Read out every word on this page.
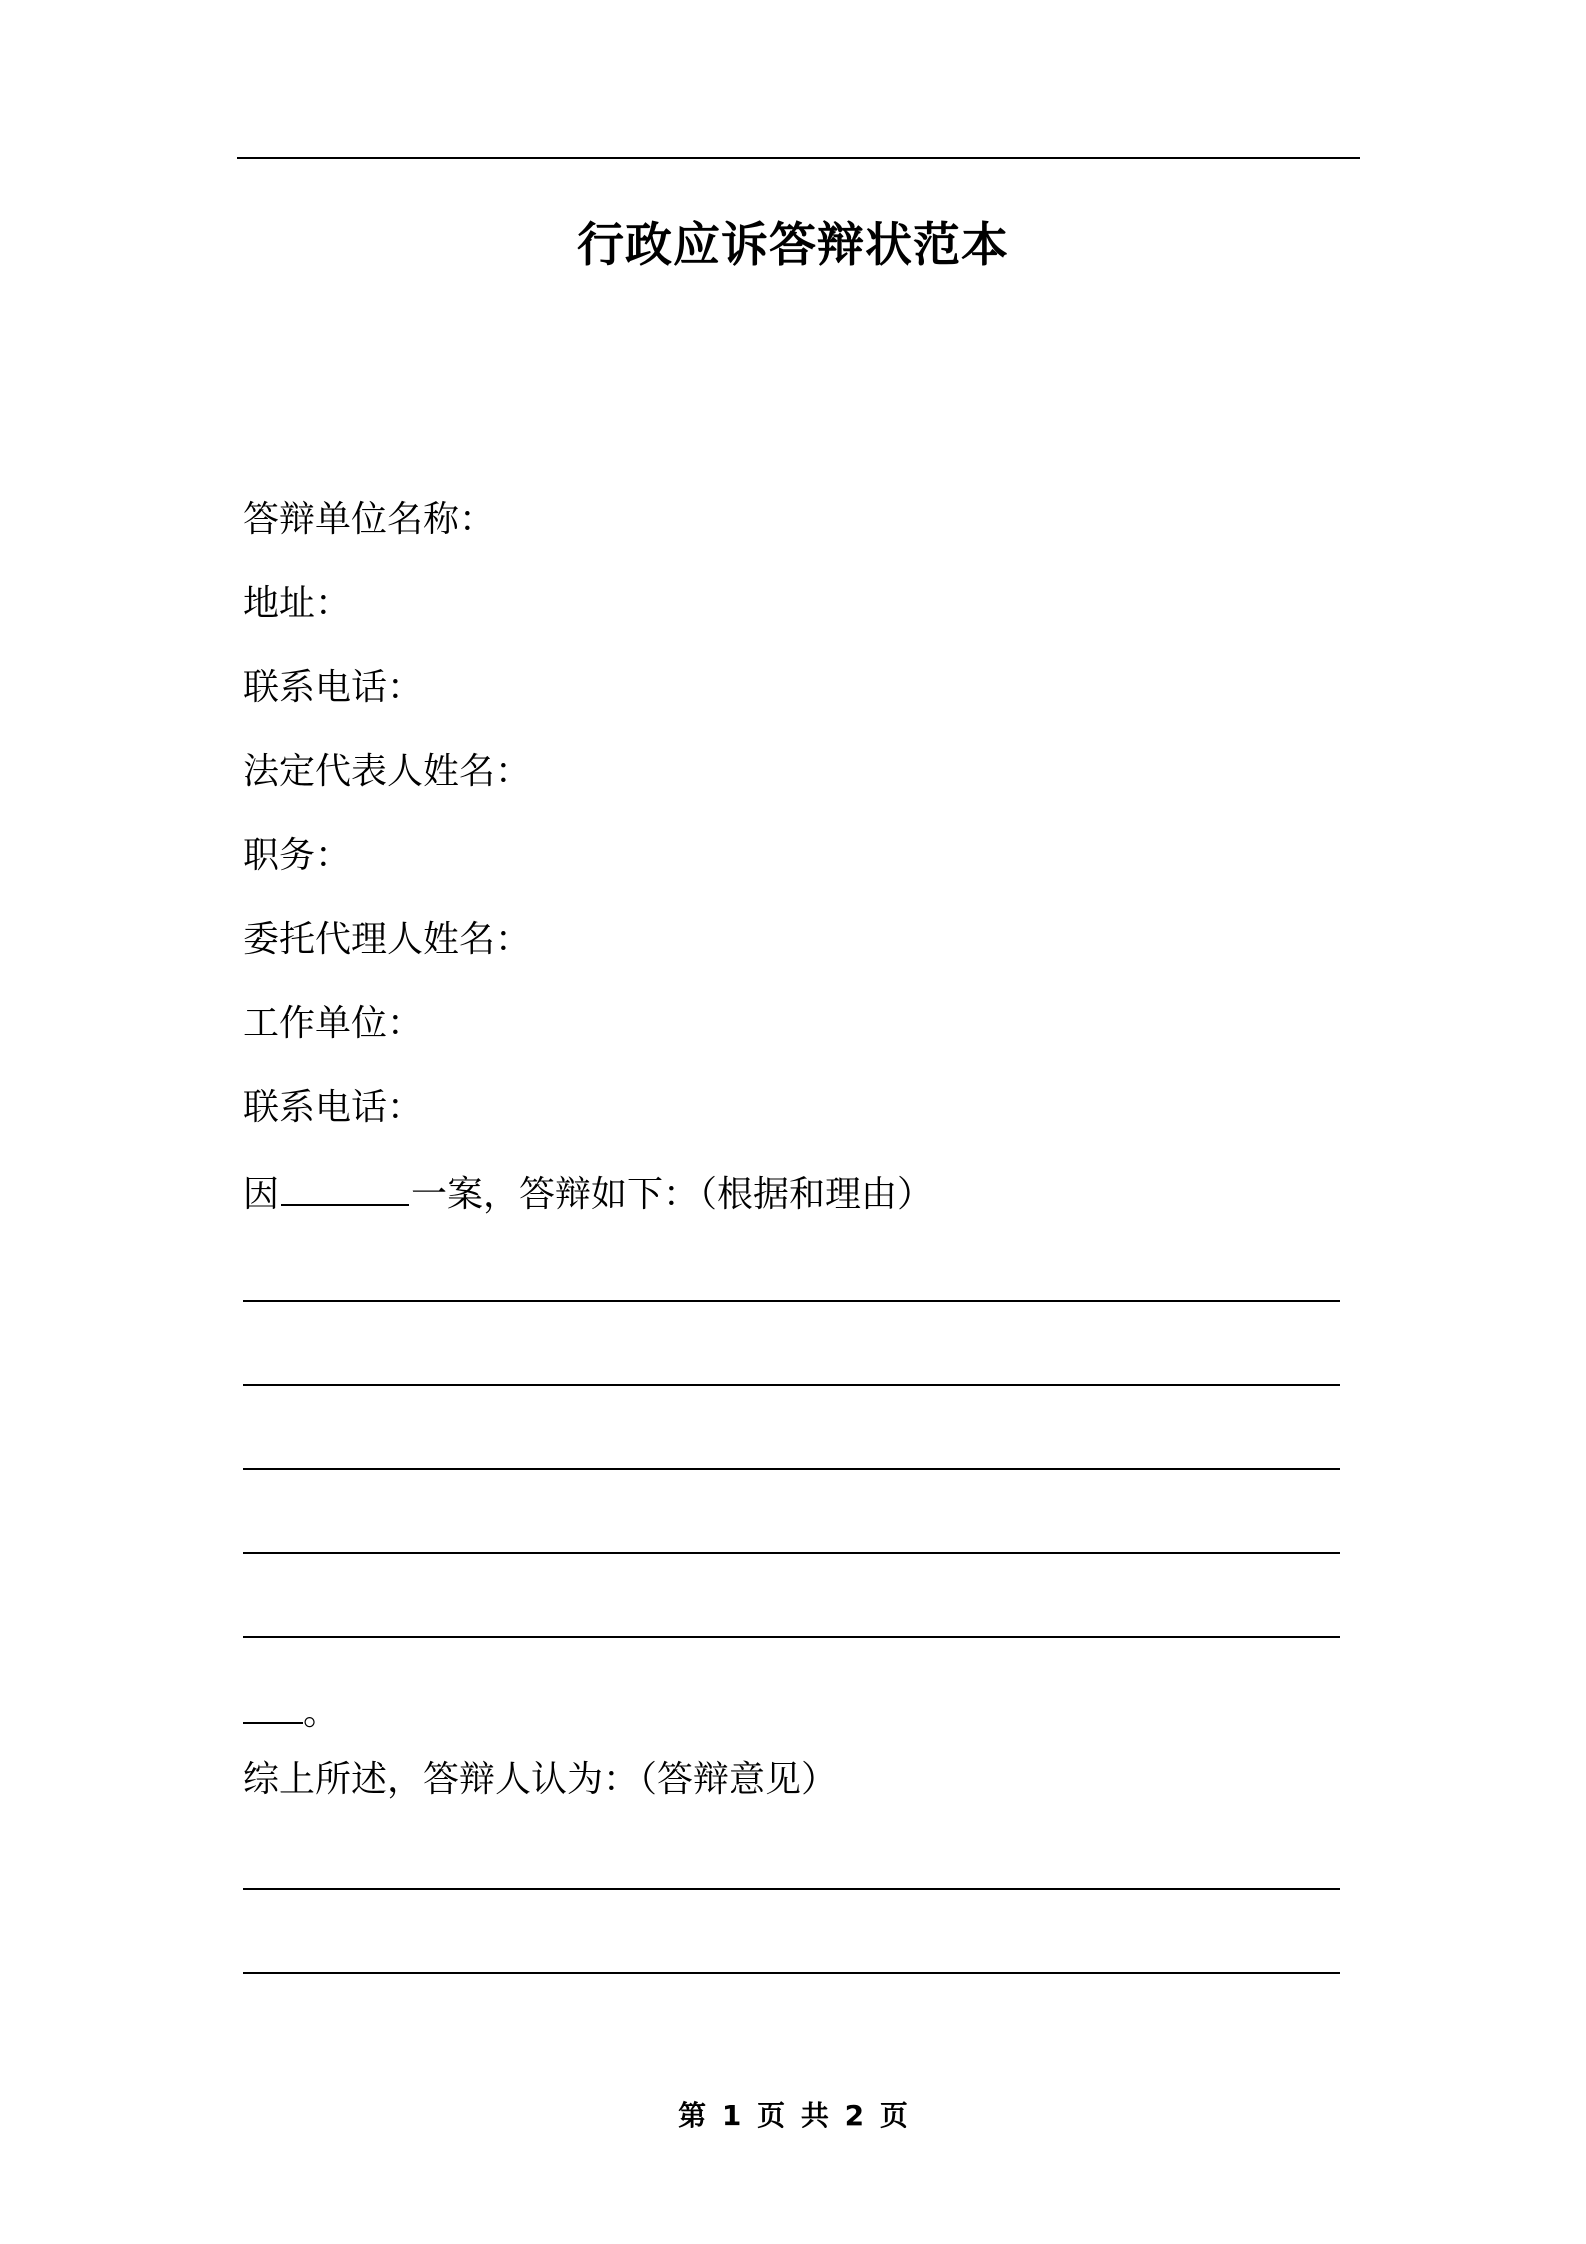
行政应诉答辩状范本
答辩单位名称：
地址：
联系电话：
法定代表人姓名：
职务：
委托代理人姓名：
工作单位：
联系电话：
因	一案，答辩如下：（根据和理由）
。
综上所述，答辩人认为：（答辩意见）
第 1 页 共 2 页
